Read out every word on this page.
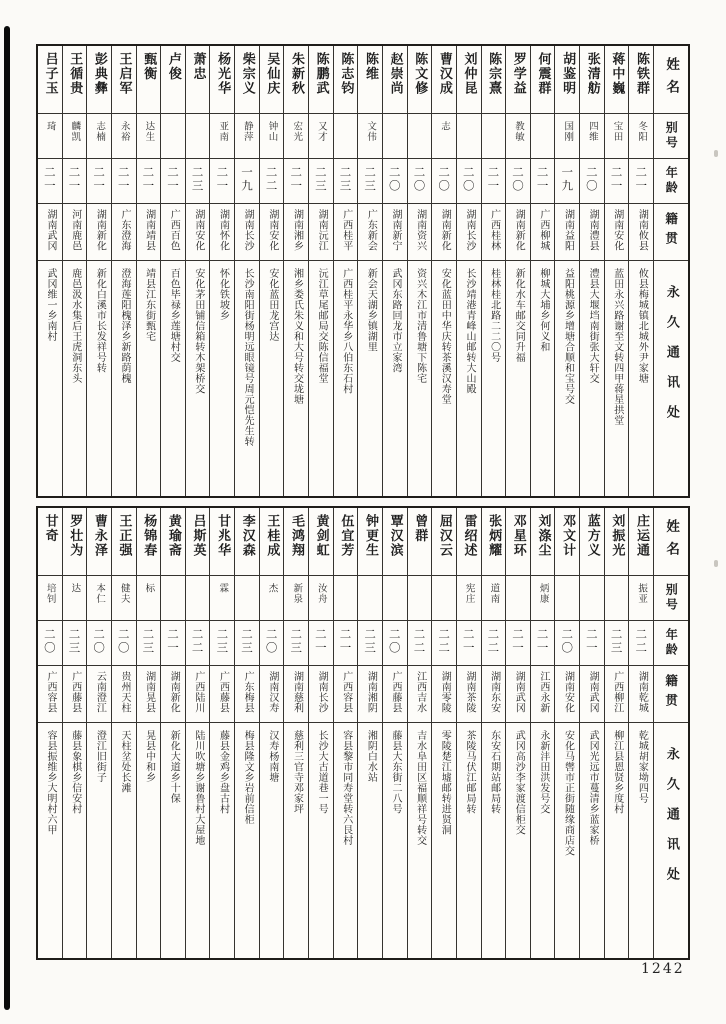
姓名
别号
年龄
籍贯
永久通讯处
陈铁群
冬阳
二一
湖南攸县
攸县梅城镇北城外尹家塘
蒋中巍
宝田
二一
湖南安化
蓝田永兴路谢至文转四甲蒋星拱堂
张清舫
四维
二〇
湖南澧县
澧县大堰垱南街张大轩交
胡鉴明
国刚
一九
湖南益阳
益阳桃源乡增塘合顺和宝号交
何震群
二一
广西柳城
柳城大埔乡何义和
罗学益
教敏
二〇
湖南新化
新化水车邮交同升福
陈宗熹
二一
广西桂林
桂林桂北路二二〇号
刘仲昆
二〇
湖南长沙
长沙靖港青峰山邮转大山殿
曹汉成
志
二〇
湖南新化
安化蓝田中华庆转茶溪汉寿堂
陈文修
二〇
湖南资兴
资兴木江市清鲁塘下陈宅
赵崇尚
二〇
湖南新宁
武冈东路回龙市立家湾
陈维
文伟
二三
广东新会
新会天湖乡镇湖里
陈志钧
二三
广西桂平
广西桂平永华乡八伯东石村
陈鹏武
又才
二三
湖南沅江
沅江草尾邮局交陈信福堂
朱新秋
宏光
二一
湖南湘乡
湘乡娄氏朱义和大号转交垅塘
吴仙庆
钟山
二二
湖南安化
安化蓝田龙宫达
柴宗义
静萍
一九
湖南长沙
长沙南阳街杨明远眼镜号周元恺先生转
杨光华
亚南
二一
湖南怀化
怀化铁坡乡
萧忠
二三
湖南安化
安化茅田铺信箱转木架桥交
卢俊
二一
广西百色
百色毕禄乡莲塘村交
甄衡
达生
二一
湖南靖县
靖县江东街甄宅
王启军
永裕
二一
广东澄海
澄海莲阳槐泽乡新路荫槐
彭典彝
志楠
二一
湖南新化
新化白溪市长发祥号转
王循贵
麟凯
二一
河南鹿邑
鹿邑汲水集后王虎洞东头
吕子玉
琦
二一
湖南武冈
武冈维一乡南村
姓名
别号
年龄
籍贯
永久通讯处
庄运通
振亚
二二
湖南乾城
乾城胡家坳四号
刘振光
二三
广西柳江
柳江县恩贤乡度村
蓝方义
二一
湖南武冈
武冈光远市蔓清乡蓝家桥
邓文计
二〇
湖南安化
安化马辔市正街随缘商店交
刘涤尘
炳康
二一
江西永新
永新沣田洪发号交
邓星环
二一
湖南武冈
武冈高沙李家渡信柜交
张炳耀
道南
二二
湖南东安
东安石期站邮局转
雷绍述
宪庄
二一
湖南茶陵
茶陵马伏江邮局转
屈汉云
二二
湖南零陵
零陵楚江墟邮转进贤洞
曾群
二二
江西吉水
吉水阜田区福顺祥号转交
覃汉滨
二〇
广西藤县
藤县大东街二八号
钟更生
二三
湖南湘阴
湘阴白水站
伍宜芳
二一
广西容县
容县黎市同寿堂转六艮村
黄剑虹
汝舟
二一
湖南长沙
长沙大古道巷一号
毛鸿翔
新泉
二三
湖南慈利
慈利三官寺邓家坪
王桂成
杰
二〇
湖南汉寿
汉寿杨南塘
李汉森
二三
广东梅县
梅县隆文乡岩前信柜
甘兆华
霖
二三
广西藤县
藤县金鸡乡盘古村
吕斯英
二二
广西陆川
陆川吹塘乡谢鲁村大屋地
黄瑜斋
二一
湖南新化
新化大道乡十保
杨锦春
标
二三
湖南晃县
晃县中和乡
王正强
健夫
二〇
贵州天柱
天柱坌处长滩
曹永泽
本仁
二〇
云南澄江
澄江旧街子
罗壮为
达
二三
广西藤县
藤县象棋乡信安村
甘奇
培钊
二〇
广西容县
容县振维乡大明村六甲
1242
